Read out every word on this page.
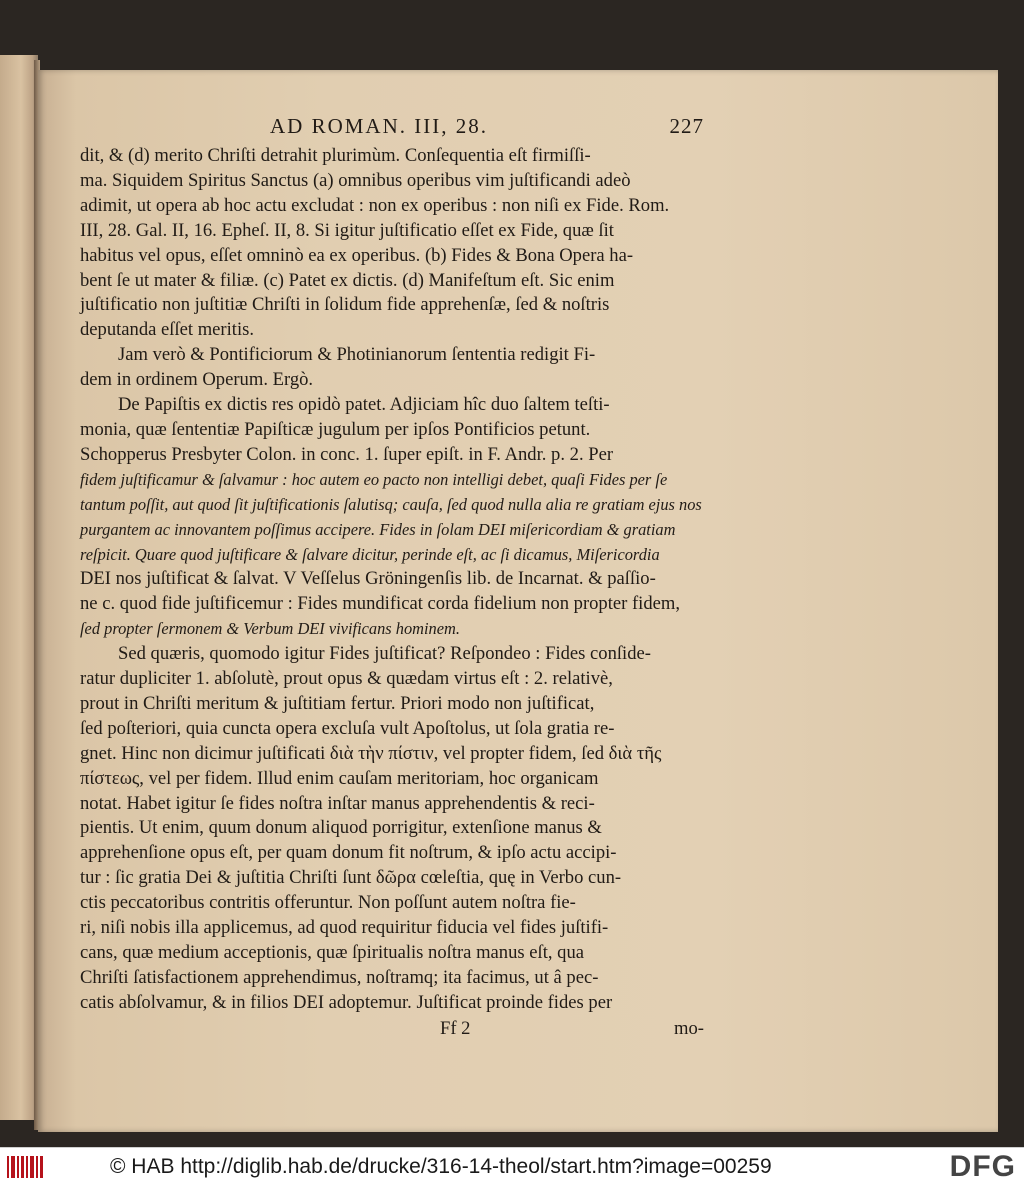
AD ROMAN. III, 28.	227

dit, & (d) merito Chriſti detrahit plurimùm. Conſequentia eſt firmiſſi-

ma. Siquidem Spiritus Sanctus (a) omnibus operibus vim juſtificandi adeò

adimit, ut opera ab hoc actu excludat : non ex operibus : non niſi ex Fide. Rom.

III, 28. Gal. II, 16. Epheſ. II, 8. Si igitur juſtificatio eſſet ex Fide, quæ ſit

habitus vel opus, eſſet omninò ea ex operibus. (b) Fides & Bona Opera ha-

bent ſe ut mater & filiæ. (c) Patet ex dictis. (d) Manifeſtum eſt. Sic enim

juſtificatio non juſtitiæ Chriſti in ſolidum fide apprehenſæ, ſed & noſtris

deputanda eſſet meritis.

Jam verò & Pontificiorum & Photinianorum ſententia redigit Fi-

dem in ordinem Operum. Ergò.

De Papiſtis ex dictis res opidò patet. Adjiciam hîc duo ſaltem teſti-

monia, quæ ſententiæ Papiſticæ jugulum per ipſos Pontificios petunt.

Schopperus Presbyter Colon. in conc. 1. ſuper epiſt. in F. Andr. p. 2. Per

fidem juſtificamur & ſalvamur : hoc autem eo pacto non intelligi debet, quaſi Fides per ſe

tantum poſſit, aut quod ſit juſtificationis ſalutisq; cauſa, ſed quod nulla alia re gratiam ejus nos

purgantem ac innovantem poſſimus accipere. Fides in ſolam DEI miſericordiam & gratiam

reſpicit. Quare quod juſtificare & ſalvare dicitur, perinde eſt, ac ſi dicamus, Miſericordia

DEI nos juſtificat & ſalvat. V Veſſelus Gröningenſis lib. de Incarnat. & paſſio-

ne c. quod fide juſtificemur : Fides mundificat corda fidelium non propter fidem,

ſed propter ſermonem & Verbum DEI vivificans hominem.

Sed quæris, quomodo igitur Fides juſtificat? Reſpondeo : Fides conſide-

ratur dupliciter 1. abſolutè, prout opus & quædam virtus eſt : 2. relativè,

prout in Chriſti meritum & juſtitiam fertur. Priori modo non juſtificat,

ſed poſteriori, quia cuncta opera excluſa vult Apoſtolus, ut ſola gratia re-

gnet. Hinc non dicimur juſtificati διὰ τὴν πίστιν, vel propter fidem, ſed διὰ τῆς

πίστεως, vel per fidem. Illud enim cauſam meritoriam, hoc organicam

notat. Habet igitur ſe fides noſtra inſtar manus apprehendentis & reci-

pientis. Ut enim, quum donum aliquod porrigitur, extenſione manus &

apprehenſione opus eſt, per quam donum fit noſtrum, & ipſo actu accipi-

tur : ſic gratia Dei & juſtitia Chriſti ſunt δῶρα cœleſtia, quę in Verbo cun-

ctis peccatoribus contritis offeruntur. Non poſſunt autem noſtra fie-

ri, niſi nobis illa applicemus, ad quod requiritur fiducia vel fides juſtifi-

cans, quæ medium acceptionis, quæ ſpiritualis noſtra manus eſt, qua

Chriſti ſatisfactionem apprehendimus, noſtramq; ita facimus, ut â pec-

catis abſolvamur, & in filios DEI adoptemur. Juſtificat proinde fides per

Ff 2	mo-
© HAB http://diglib.hab.de/drucke/316-14-theol/start.htm?image=00259	DFG
